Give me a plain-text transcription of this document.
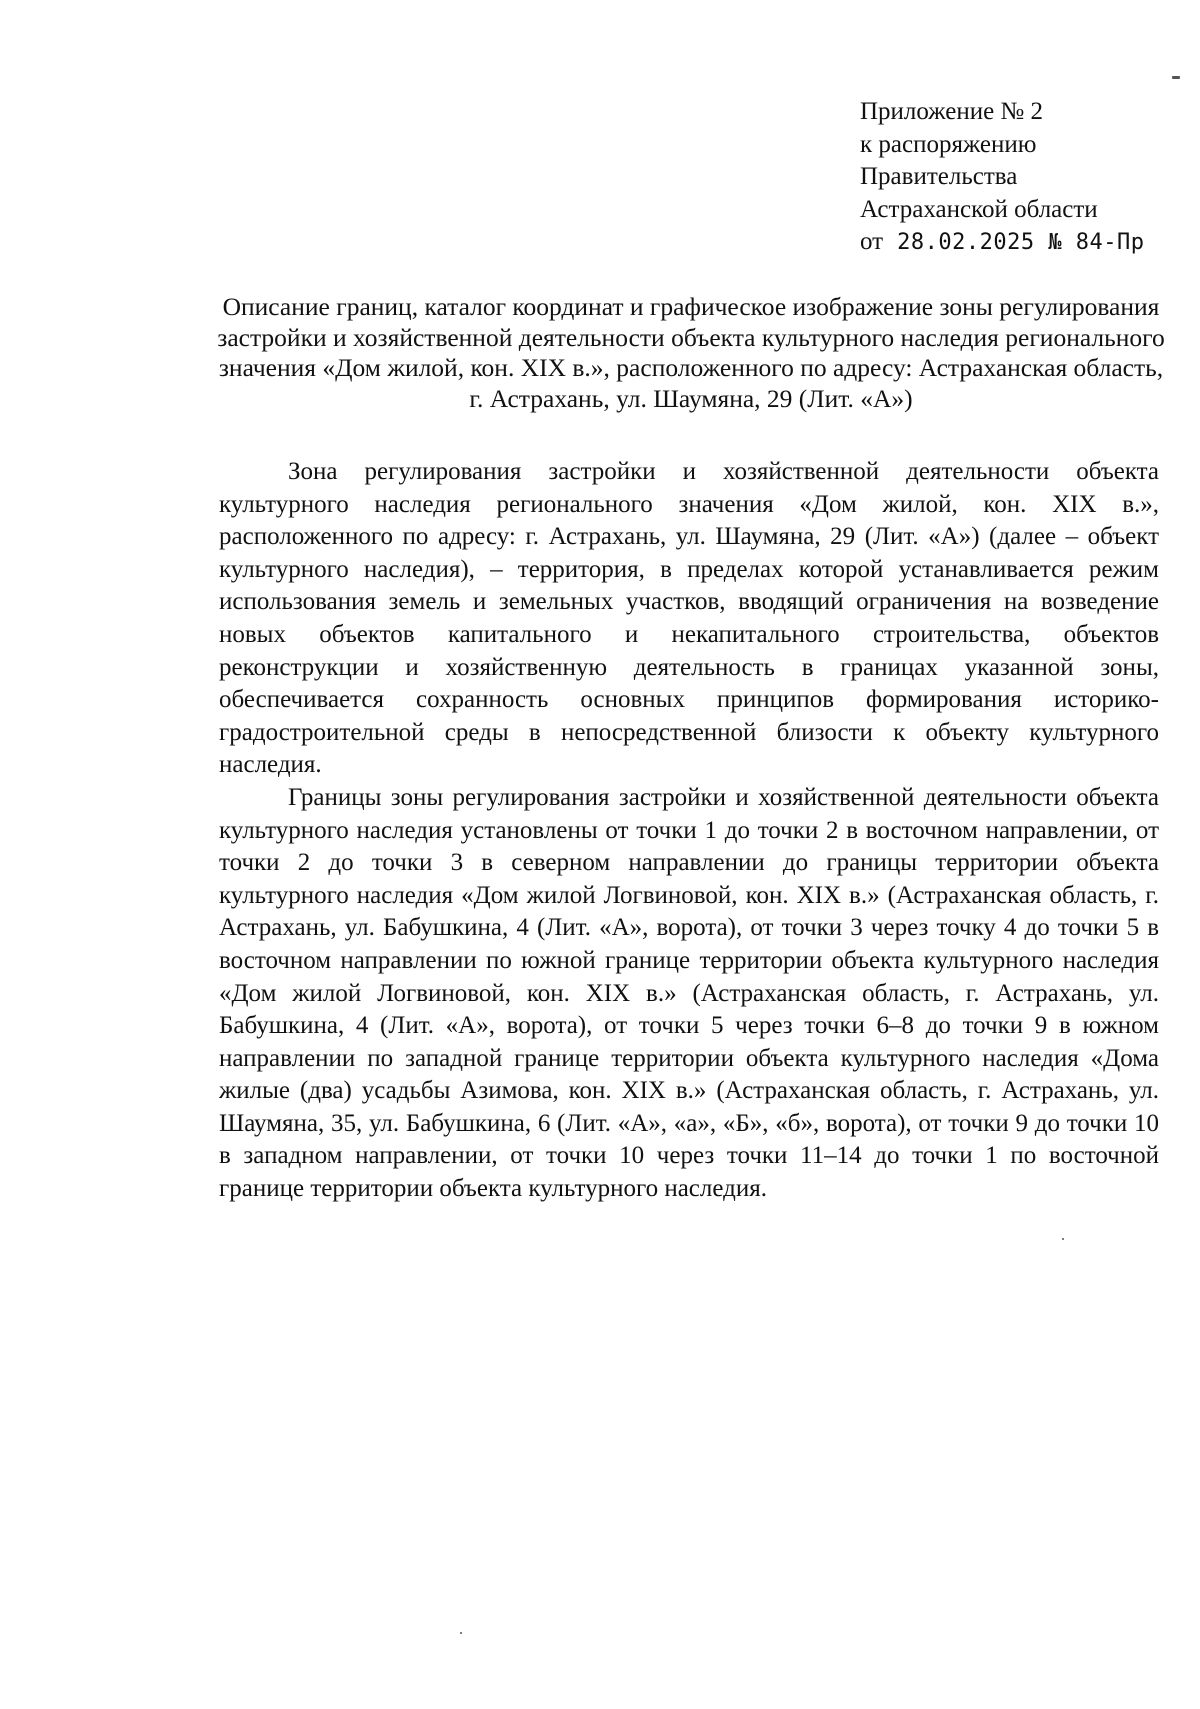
Приложение № 2
к распоряжению
Правительства
Астраханской области
от 28.02.2025 № 84-Пр
Описание границ, каталог координат и графическое изображение зоны регулирования застройки и хозяйственной деятельности объекта культурного наследия регионального значения «Дом жилой, кон. XIX в.», расположенного по адресу: Астраханская область, г. Астрахань, ул. Шаумяна, 29 (Лит. «А»)

Зона регулирования застройки и хозяйственной деятельности объекта культурного наследия регионального значения «Дом жилой, кон. XIX в.», расположенного по адресу: г. Астрахань, ул. Шаумяна, 29 (Лит. «А») (далее – объект культурного наследия), – территория, в пределах которой устанавливается режим использования земель и земельных участков, вводящий ограничения на возведение новых объектов капитального и некапитального строительства, объектов реконструкции и хозяйственную деятельность в границах указанной зоны, обеспечивается сохранность основных принципов формирования историко-градостроительной среды в непосредственной близости к объекту культурного наследия.

Границы зоны регулирования застройки и хозяйственной деятельности объекта культурного наследия установлены от точки 1 до точки 2 в восточном направлении, от точки 2 до точки 3 в северном направлении до границы территории объекта культурного наследия «Дом жилой Логвиновой, кон. XIX в.» (Астраханская область, г. Астрахань, ул. Бабушкина, 4 (Лит. «А», ворота), от точки 3 через точку 4 до точки 5 в восточном направлении по южной границе территории объекта культурного наследия «Дом жилой Логвиновой, кон. XIX в.» (Астраханская область, г. Астрахань, ул. Бабушкина, 4 (Лит. «А», ворота), от точки 5 через точки 6–8 до точки 9 в южном направлении по западной границе территории объекта культурного наследия «Дома жилые (два) усадьбы Азимова, кон. XIX в.» (Астраханская область, г. Астрахань, ул. Шаумяна, 35, ул. Бабушкина, 6 (Лит. «А», «а», «Б», «б», ворота), от точки 9 до точки 10 в западном направлении, от точки 10 через точки 11–14 до точки 1 по восточной границе территории объекта культурного наследия.
